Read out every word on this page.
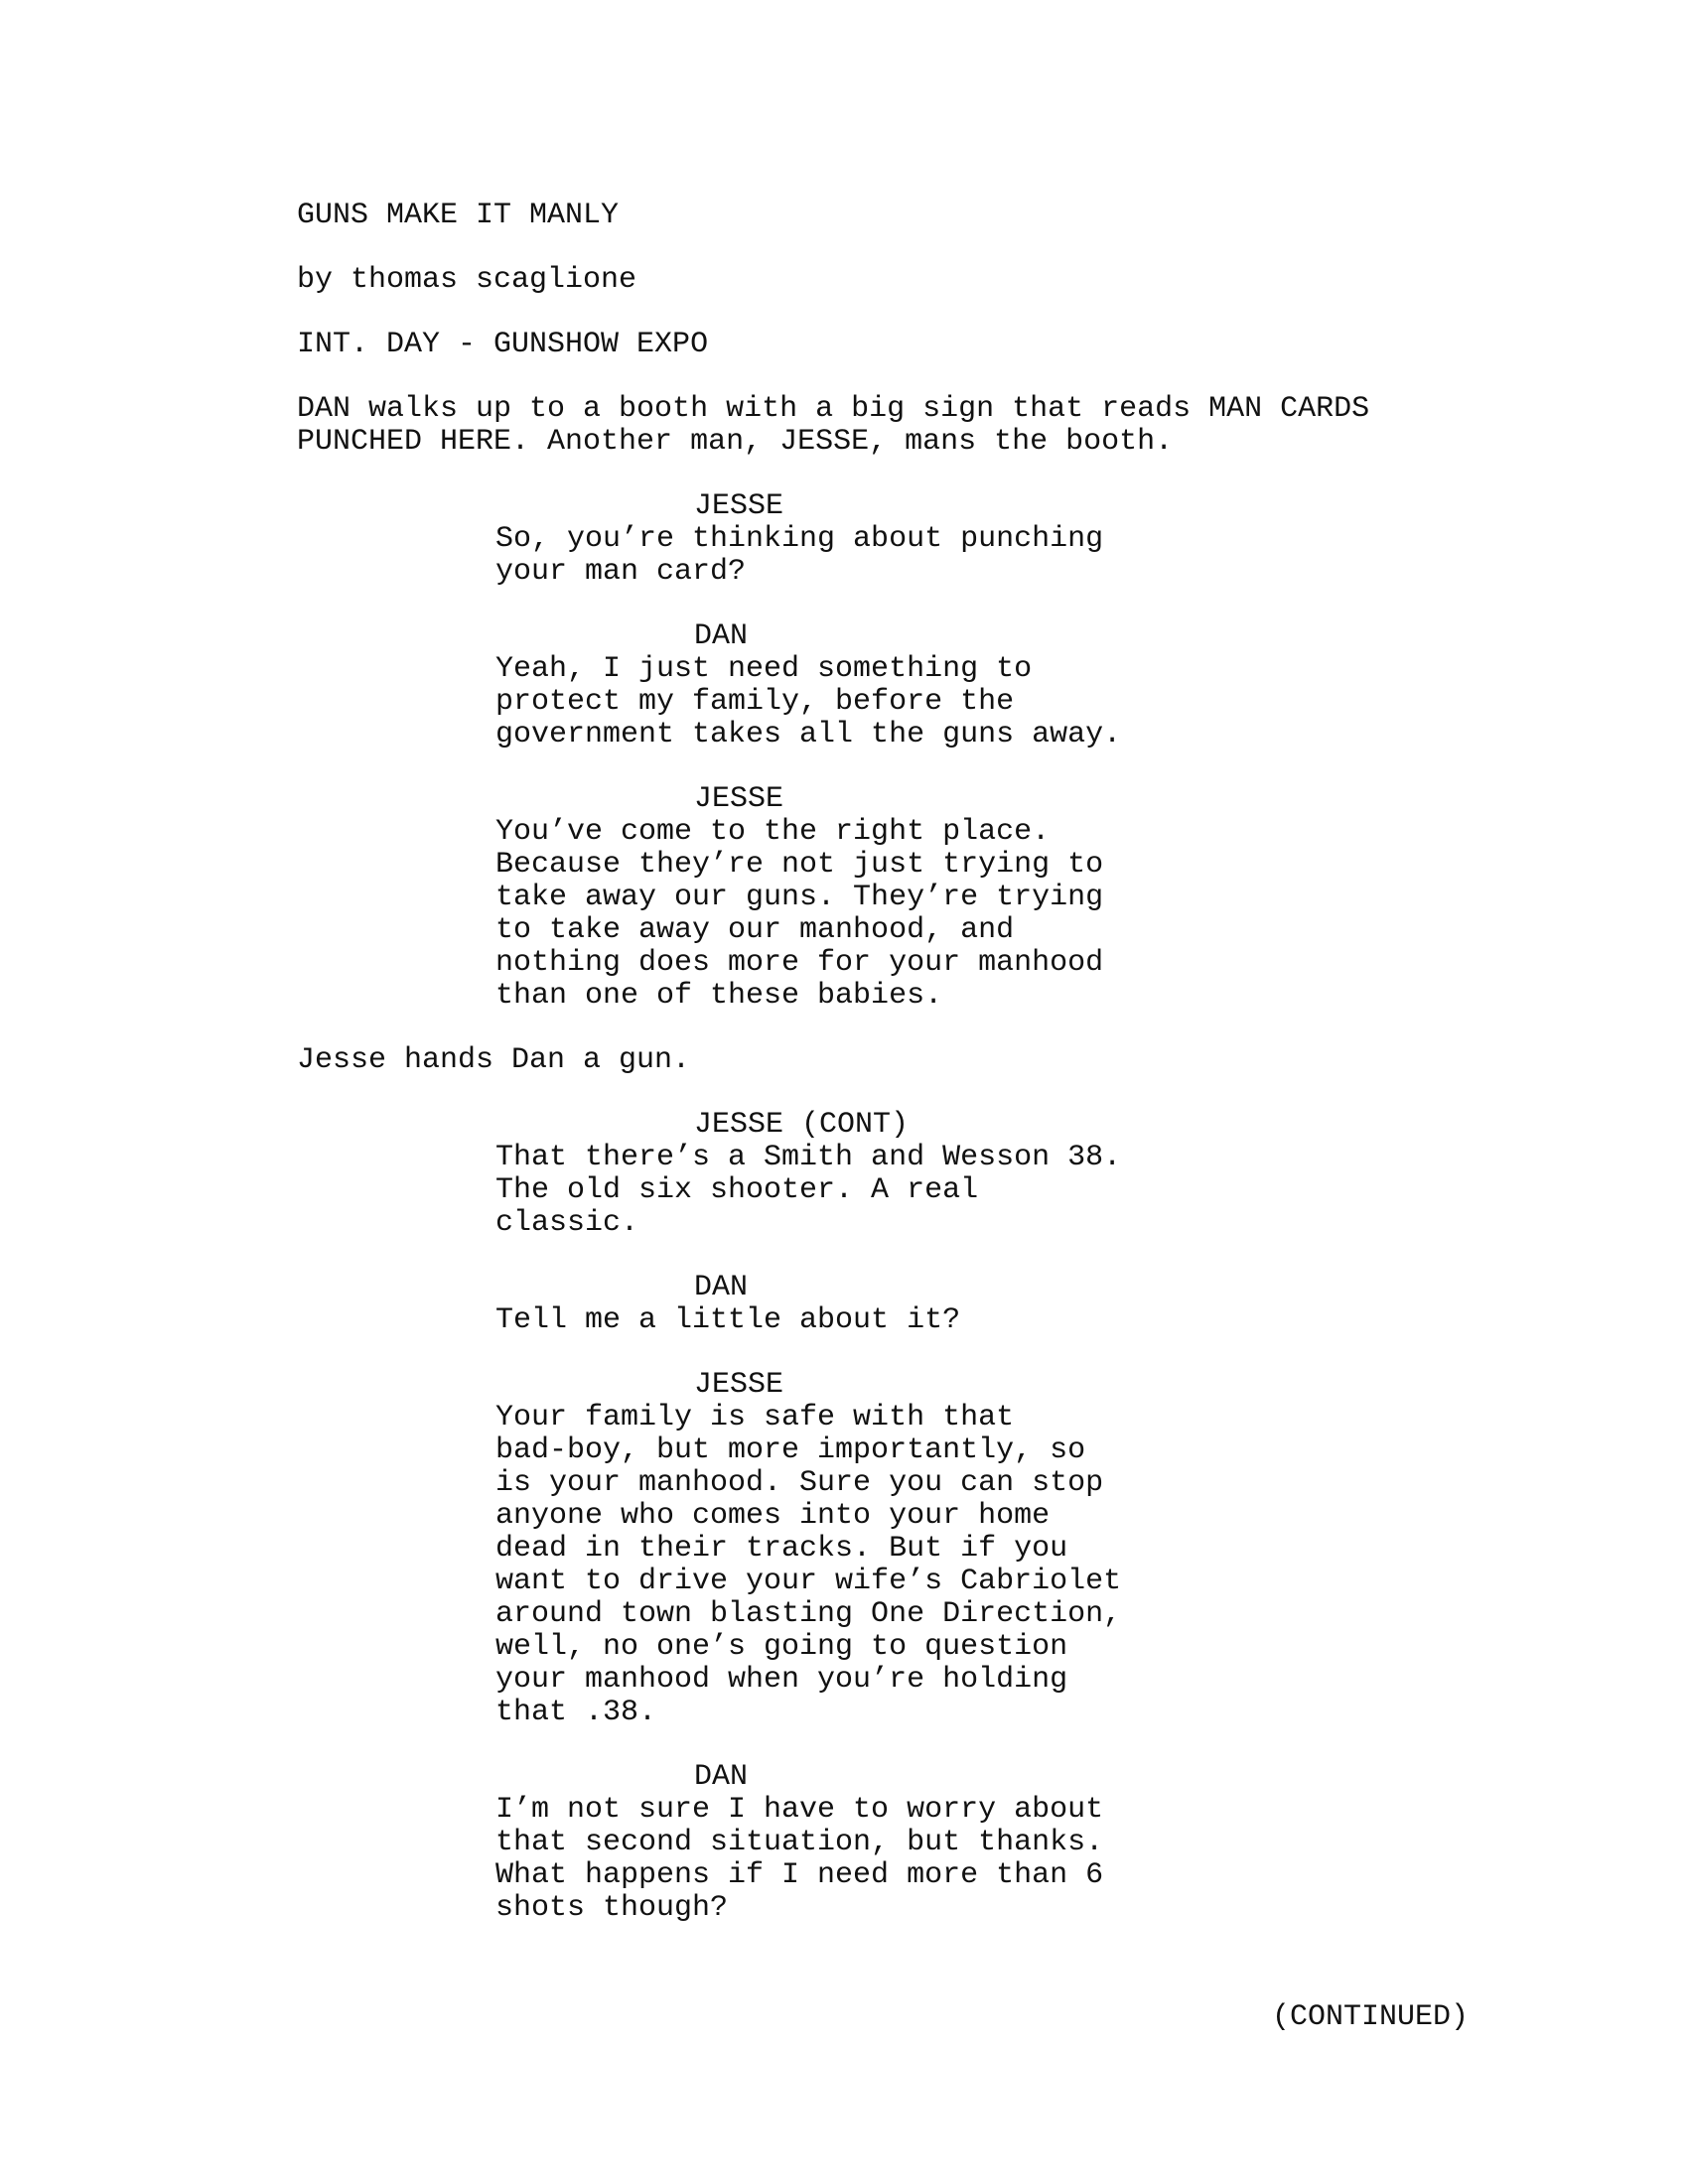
GUNS MAKE IT MANLY
by thomas scaglione
INT. DAY - GUNSHOW EXPO
DAN walks up to a booth with a big sign that reads MAN CARDS
PUNCHED HERE. Another man, JESSE, mans the booth.
JESSE
So, you’re thinking about punching
your man card?
DAN
Yeah, I just need something to
protect my family, before the
government takes all the guns away.
JESSE
You’ve come to the right place.
Because they’re not just trying to
take away our guns. They’re trying
to take away our manhood, and
nothing does more for your manhood
than one of these babies.
Jesse hands Dan a gun.
JESSE (CONT)
That there’s a Smith and Wesson 38.
The old six shooter. A real
classic.
DAN
Tell me a little about it?
JESSE
Your family is safe with that
bad-boy, but more importantly, so
is your manhood. Sure you can stop
anyone who comes into your home
dead in their tracks. But if you
want to drive your wife’s Cabriolet
around town blasting One Direction,
well, no one’s going to question
your manhood when you’re holding
that .38.
DAN
I’m not sure I have to worry about
that second situation, but thanks.
What happens if I need more than 6
shots though?
(CONTINUED)
